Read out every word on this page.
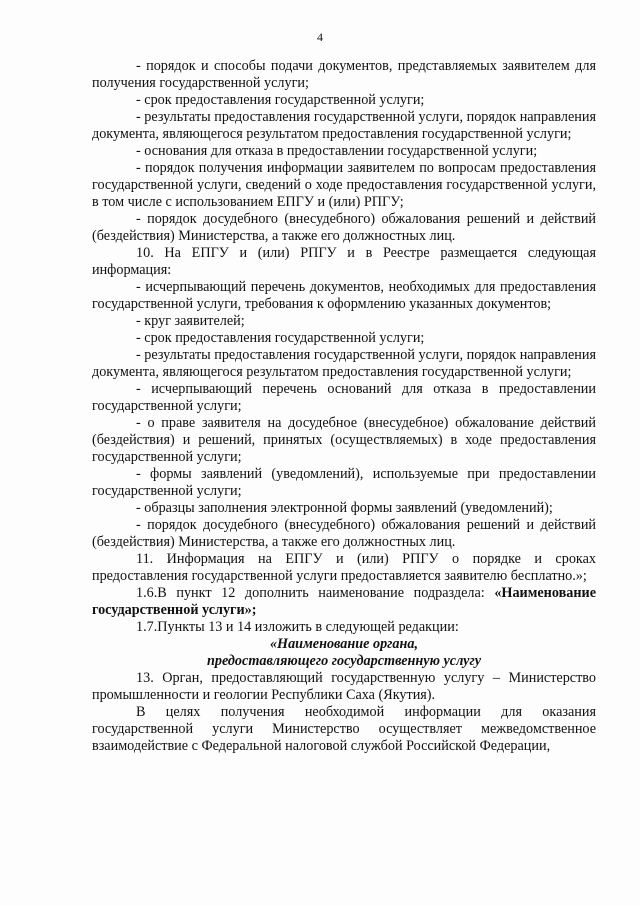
4

- порядок и способы подачи документов, представляемых заявителем для получения государственной услуги;

- срок предоставления государственной услуги;

- результаты предоставления государственной услуги, порядок направления документа, являющегося результатом предоставления государственной услуги;

- основания для отказа в предоставлении государственной услуги;

- порядок получения информации заявителем по вопросам предоставления государственной услуги, сведений о ходе предоставления государственной услуги, в том числе с использованием ЕПГУ и (или) РПГУ;

- порядок досудебного (внесудебного) обжалования решений и действий (бездействия) Министерства, а также его должностных лиц.

10. На ЕПГУ и (или) РПГУ и в Реестре размещается следующая информация:

- исчерпывающий перечень документов, необходимых для предоставления государственной услуги, требования к оформлению указанных документов;

- круг заявителей;

- срок предоставления государственной услуги;

- результаты предоставления государственной услуги, порядок направления документа, являющегося результатом предоставления государственной услуги;

- исчерпывающий перечень оснований для отказа в предоставлении государственной услуги;

- о праве заявителя на досудебное (внесудебное) обжалование действий (бездействия) и решений, принятых (осуществляемых) в ходе предоставления государственной услуги;

- формы заявлений (уведомлений), используемые при предоставлении государственной услуги;

- образцы заполнения электронной формы заявлений (уведомлений);

- порядок досудебного (внесудебного) обжалования решений и действий (бездействия) Министерства, а также его должностных лиц.

11. Информация на ЕПГУ и (или) РПГУ о порядке и сроках предоставления государственной услуги предоставляется заявителю бесплатно.»;

1.6.В пункт 12 дополнить наименование подраздела: «Наименование государственной услуги»;

1.7.Пункты 13 и 14 изложить в следующей редакции:

«Наименование органа,

предоставляющего государственную услугу

13. Орган, предоставляющий государственную услугу – Министерство промышленности и геологии Республики Саха (Якутия).

В целях получения необходимой информации для оказания государственной услуги Министерство осуществляет межведомственное взаимодействие с Федеральной налоговой службой Российской Федерации,
